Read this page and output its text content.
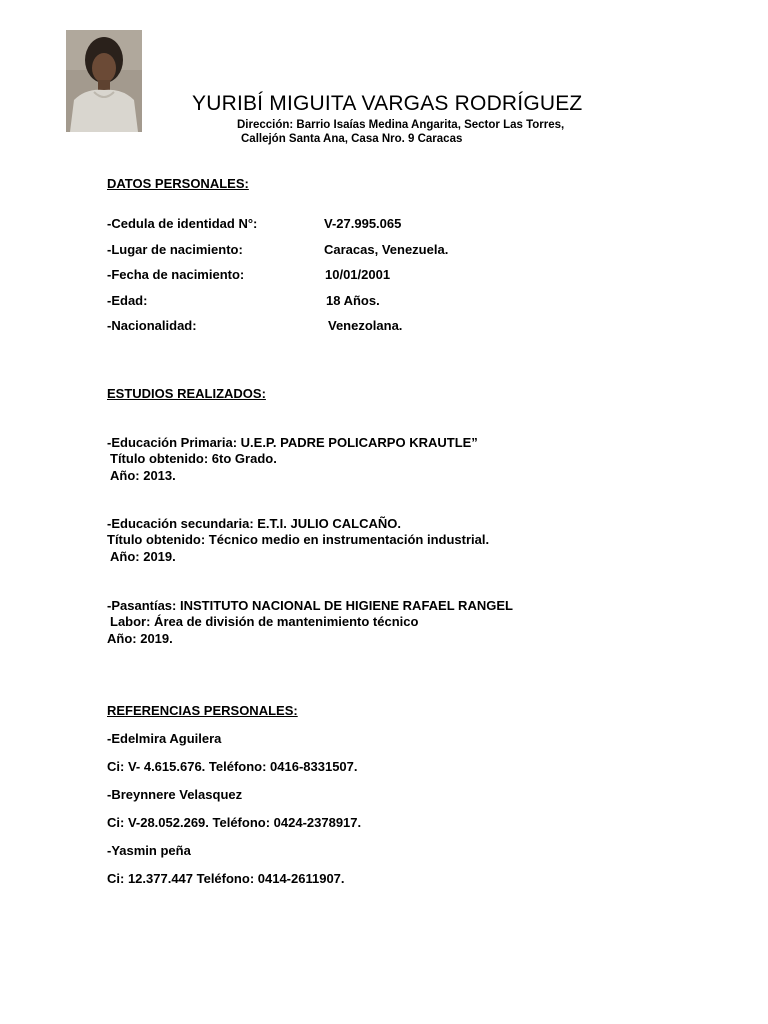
YURIBÍ MIGUITA VARGAS RODRÍGUEZ
Dirección: Barrio Isaías Medina Angarita, Sector Las Torres,
Callejón Santa Ana, Casa Nro. 9 Caracas
DATOS PERSONALES:
-Cedula de identidad N°:	V-27.995.065
-Lugar de nacimiento:	Caracas, Venezuela.
-Fecha de nacimiento:	10/01/2001
-Edad:	18 Años.
-Nacionalidad:	Venezolana.
ESTUDIOS REALIZADOS:
-Educación Primaria: U.E.P. PADRE POLICARPO KRAUTLE”
Título obtenido: 6to Grado.
Año: 2013.
-Educación secundaria: E.T.I. JULIO CALCAÑO.
Título obtenido: Técnico medio en instrumentación industrial.
Año: 2019.
-Pasantías: INSTITUTO NACIONAL DE HIGIENE RAFAEL RANGEL
Labor: Área de división de mantenimiento técnico
Año: 2019.
REFERENCIAS PERSONALES:
-Edelmira Aguilera
Ci: V- 4.615.676. Teléfono: 0416-8331507.
-Breynnere Velasquez
Ci: V-28.052.269. Teléfono: 0424-2378917.
-Yasmin peña
Ci: 12.377.447 Teléfono: 0414-2611907.
